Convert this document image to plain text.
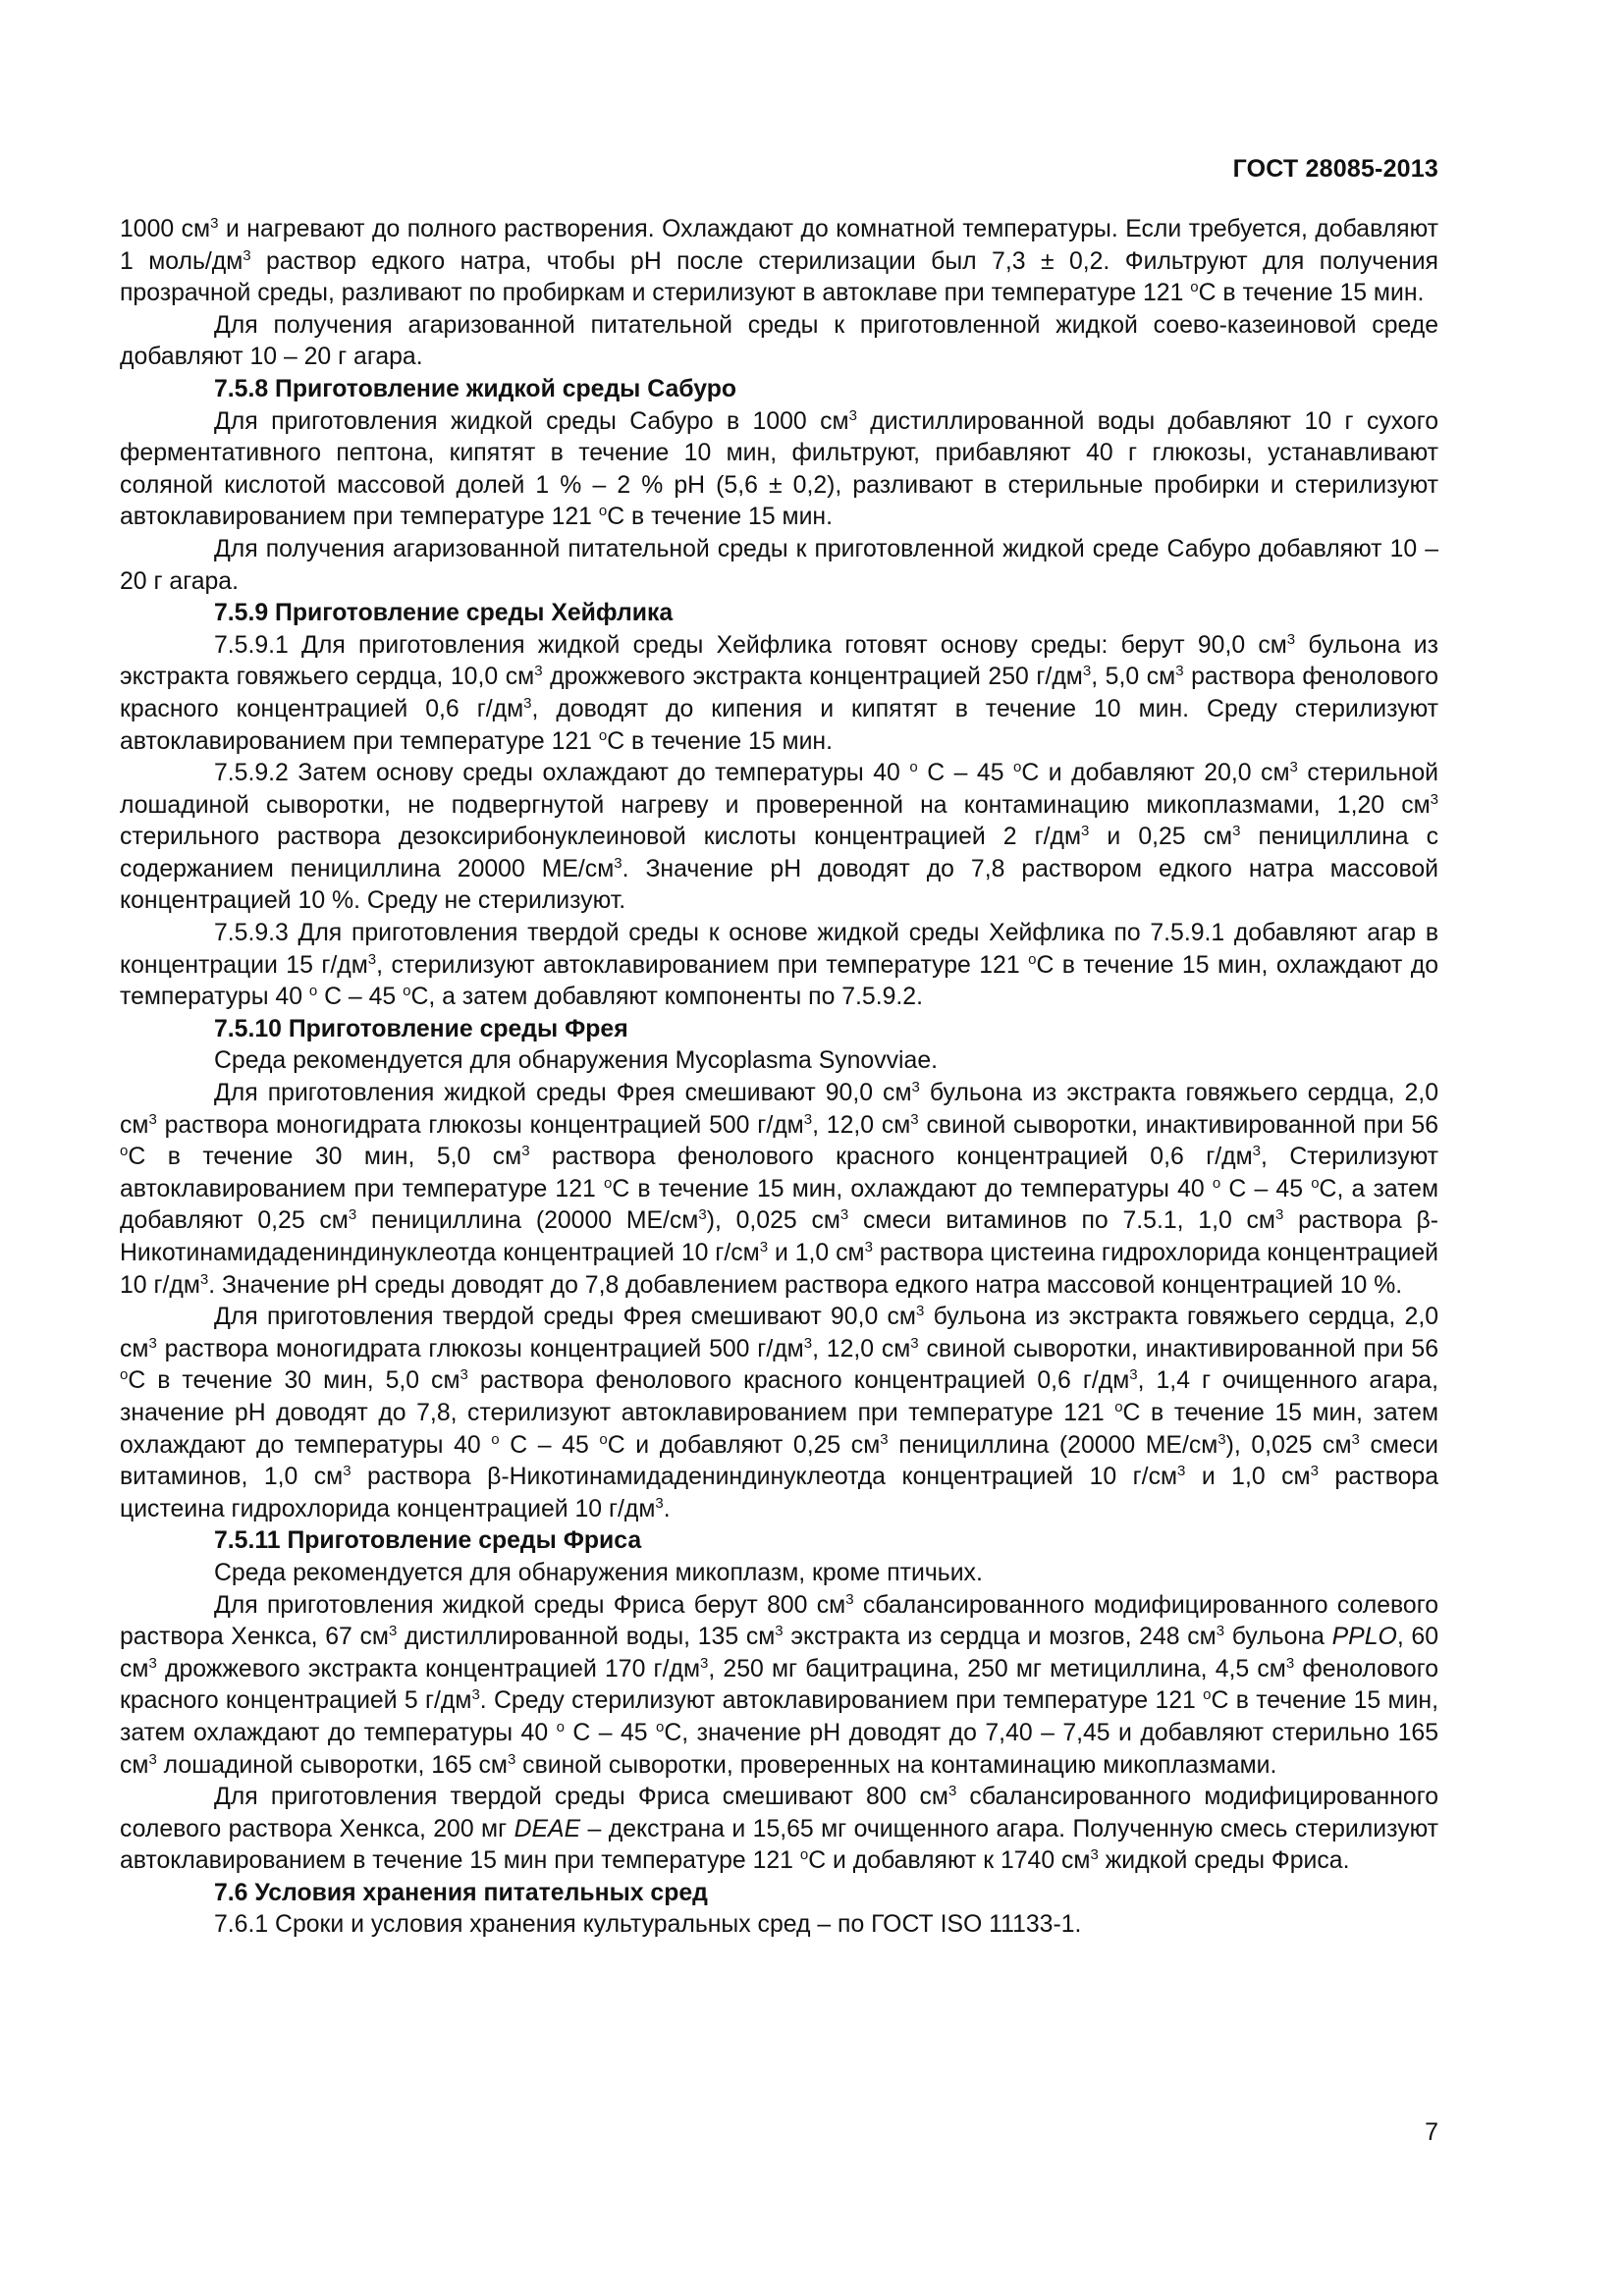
ГОСТ 28085-2013

1000 $см^3$ и нагревают до полного растворения. Охлаждают до комнатной температуры. Если требуется, добавляют 1 моль/$дм^3$ раствор едкого натра, чтобы pH после стерилизации был 7,3 ± 0,2. Фильтруют для получения прозрачной среды, разливают по пробиркам и стерилизуют в автоклаве при температуре 121 $^о$С в течение 15 мин.

Для получения агаризованной питательной среды к приготовленной жидкой соево-казеиновой среде добавляют 10 – 20 г агара.

7.5.8 Приготовление жидкой среды Сабуро

Для приготовления жидкой среды Сабуро в 1000 $см^3$ дистиллированной воды добавляют 10 г сухого ферментативного пептона, кипятят в течение 10 мин, фильтруют, прибавляют 40 г глюкозы, устанавливают соляной кислотой массовой долей 1 % – 2 % pH (5,6 ± 0,2), разливают в стерильные пробирки и стерилизуют автоклавированием при температуре 121 $^о$С в течение 15 мин.

Для получения агаризованной питательной среды к приготовленной жидкой среде Сабуро добавляют 10 – 20 г агара.

7.5.9 Приготовление среды Хейфлика

7.5.9.1 Для приготовления жидкой среды Хейфлика готовят основу среды: берут 90,0 $см^3$ бульона из экстракта говяжьего сердца, 10,0 $см^3$ дрожжевого экстракта концентрацией 250 $г/дм^3$, 5,0 $см^3$ раствора фенолового красного концентрацией 0,6 $г/дм^3$, доводят до кипения и кипятят в течение 10 мин. Среду стерилизуют автоклавированием при температуре 121 $^о$С в течение 15 мин.

7.5.9.2 Затем основу среды охлаждают до температуры 40 $^о$ С – 45 $^о$С и добавляют 20,0 $см^3$ стерильной лошадиной сыворотки, не подвергнутой нагреву и проверенной на контаминацию микоплазмами, 1,20 $см^3$ стерильного раствора дезоксирибонуклеиновой кислоты концентрацией 2 $г/дм^3$ и 0,25 $см^3$ пенициллина с содержанием пенициллина 20000 $МЕ/см^3$. Значение pH доводят до 7,8 раствором едкого натра массовой концентрацией 10 %. Среду не стерилизуют.

7.5.9.3 Для приготовления твердой среды к основе жидкой среды Хейфлика по 7.5.9.1 добавляют агар в концентрации 15 $г/дм^3$, стерилизуют автоклавированием при температуре 121 $^о$С в течение 15 мин, охлаждают до температуры 40 $^о$ С – 45 $^о$С, а затем добавляют компоненты по 7.5.9.2.

7.5.10 Приготовление среды Фрея

Среда рекомендуется для обнаружения Mycoplasma Synovviae.

Для приготовления жидкой среды Фрея смешивают 90,0 $см^3$ бульона из экстракта говяжьего сердца, 2,0 $см^3$ раствора моногидрата глюкозы концентрацией 500 $г/дм^3$, 12,0 $см^3$ свиной сыворотки, инактивированной при 56 $^о$С в течение 30 мин, 5,0 $см^3$ раствора фенолового красного концентрацией 0,6 $г/дм^3$, Стерилизуют автоклавированием при температуре 121 $^о$С в течение 15 мин, охлаждают до температуры 40 $^о$ С – 45 $^о$С, а затем добавляют 0,25 $см^3$ пенициллина (20000 $МЕ/см^3$), 0,025 $см^3$ смеси витаминов по 7.5.1, 1,0 $см^3$ раствора β-Никотинамидадениндинуклеотда концентрацией 10 $г/см^3$ и 1,0 $см^3$ раствора цистеина гидрохлорида концентрацией 10 $г/дм^3$. Значение pH среды доводят до 7,8 добавлением раствора едкого натра массовой концентрацией 10 %.

Для приготовления твердой среды Фрея смешивают 90,0 $см^3$ бульона из экстракта говяжьего сердца, 2,0 $см^3$ раствора моногидрата глюкозы концентрацией 500 $г/дм^3$, 12,0 $см^3$ свиной сыворотки, инактивированной при 56 $^о$С в течение 30 мин, 5,0 $см^3$ раствора фенолового красного концентрацией 0,6 $г/дм^3$, 1,4 г очищенного агара, значение pH доводят до 7,8, стерилизуют автоклавированием при температуре 121 $^о$С в течение 15 мин, затем охлаждают до температуры 40 $^о$ С – 45 $^о$С и добавляют 0,25 $см^3$ пенициллина (20000 $МЕ/см^3$), 0,025 $см^3$ смеси витаминов, 1,0 $см^3$ раствора β-Никотинамидадениндинуклеотда концентрацией 10 $г/см^3$ и 1,0 $см^3$ раствора цистеина гидрохлорида концентрацией 10 $г/дм^3$.

7.5.11 Приготовление среды Фриса

Среда рекомендуется для обнаружения микоплазм, кроме птичьих.

Для приготовления жидкой среды Фриса берут 800 $см^3$ сбалансированного модифицированного солевого раствора Хенкса, 67 $см^3$ дистиллированной воды, 135 $см^3$ экстракта из сердца и мозгов, 248 $см^3$ бульона PPLO, 60 $см^3$ дрожжевого экстракта концентрацией 170 $г/дм^3$, 250 мг бацитрацина, 250 мг метициллина, 4,5 $см^3$ фенолового красного концентрацией 5 $г/дм^3$. Среду стерилизуют автоклавированием при температуре 121 $^о$С в течение 15 мин, затем охлаждают до температуры 40 $^о$ С – 45 $^о$С, значение pH доводят до 7,40 – 7,45 и добавляют стерильно 165 $см^3$ лошадиной сыворотки, 165 $см^3$ свиной сыворотки, проверенных на контаминацию микоплазмами.

Для приготовления твердой среды Фриса смешивают 800 $см^3$ сбалансированного модифицированного солевого раствора Хенкса, 200 мг DEAE – декстрана и 15,65 мг очищенного агара. Полученную смесь стерилизуют автоклавированием в течение 15 мин при температуре 121 $^о$С и добавляют к 1740 $см^3$ жидкой среды Фриса.

7.6 Условия хранения питательных сред

7.6.1 Сроки и условия хранения культуральных сред – по ГОСТ ISO 11133-1.

7
